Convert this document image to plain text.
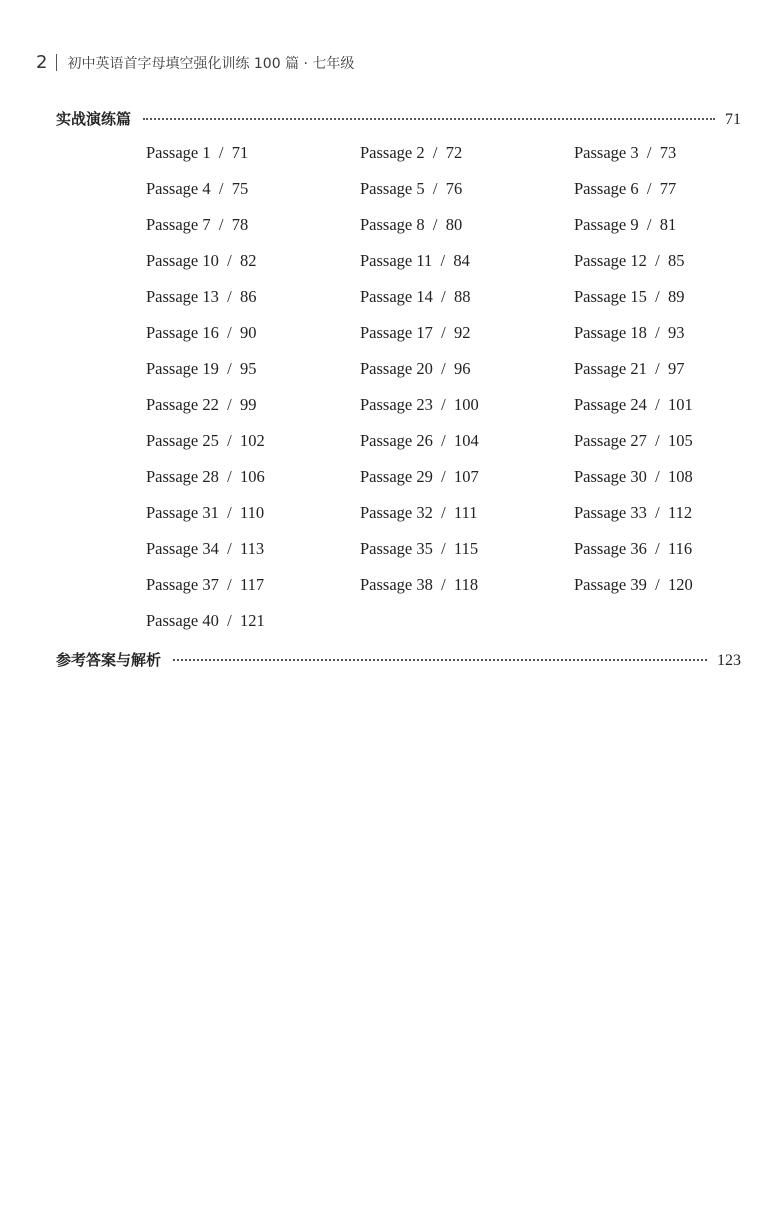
2 初中英语首字母填空强化训练 100 篇 · 七年级
实战演练篇	71
Passage 1  /  71	Passage 2  /  72	Passage 3  /  73
Passage 4  /  75	Passage 5  /  76	Passage 6  /  77
Passage 7  /  78	Passage 8  /  80	Passage 9  /  81
Passage 10  /  82	Passage 11  /  84	Passage 12  /  85
Passage 13  /  86	Passage 14  /  88	Passage 15  /  89
Passage 16  /  90	Passage 17  /  92	Passage 18  /  93
Passage 19  /  95	Passage 20  /  96	Passage 21  /  97
Passage 22  /  99	Passage 23  /  100	Passage 24  /  101
Passage 25  /  102	Passage 26  /  104	Passage 27  /  105
Passage 28  /  106	Passage 29  /  107	Passage 30  /  108
Passage 31  /  110	Passage 32  /  111	Passage 33  /  112
Passage 34  /  113	Passage 35  /  115	Passage 36  /  116
Passage 37  /  117	Passage 38  /  118	Passage 39  /  120
Passage 40  /  121
参考答案与解析	123
